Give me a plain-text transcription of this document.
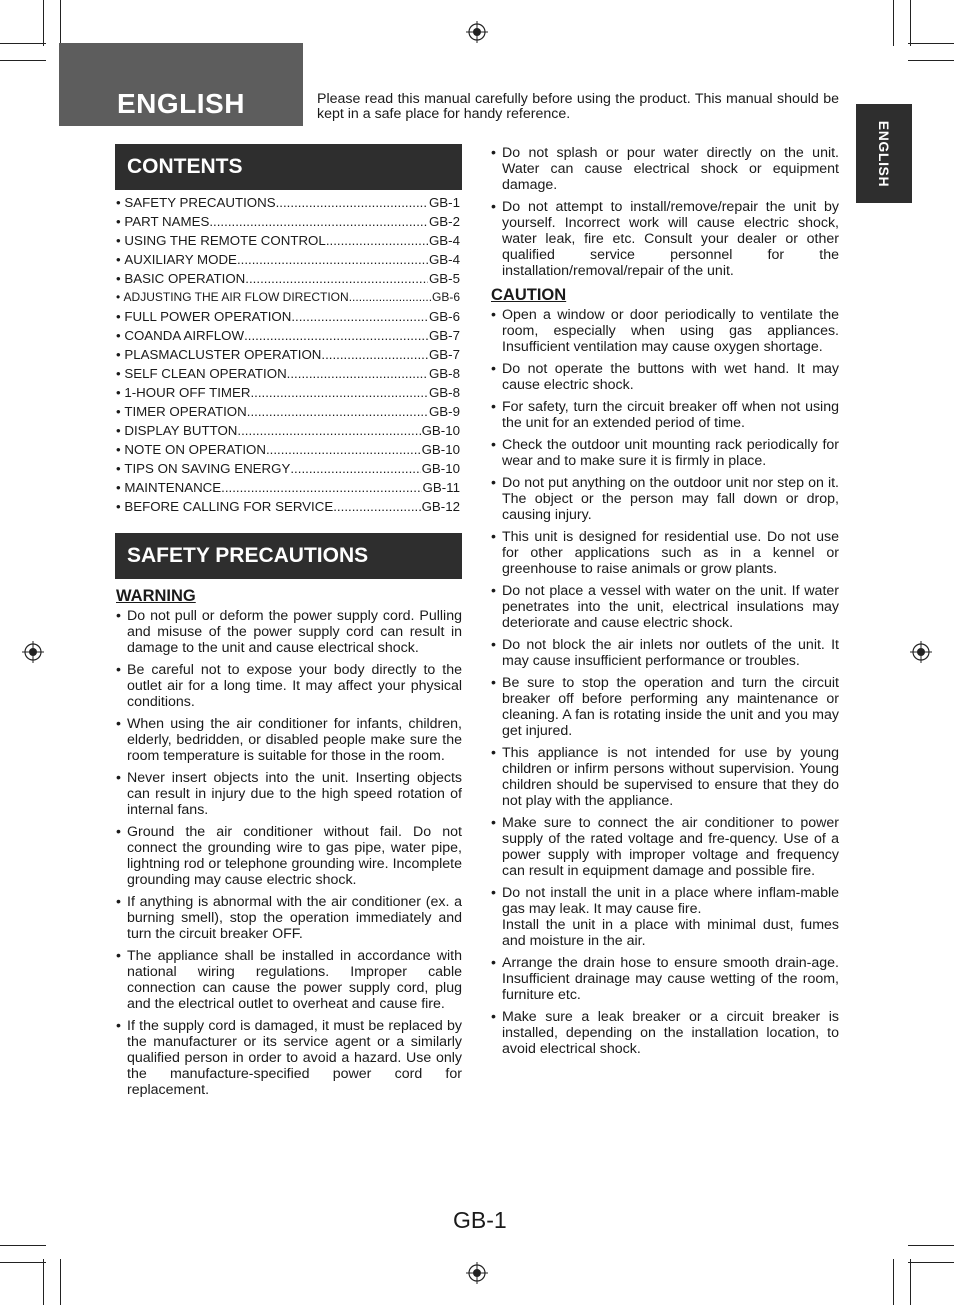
ENGLISH	Please read this manual carefully before using the product. This manual should be kept in a safe place for handy reference.
ENGLISH
CONTENTS
• SAFETY PRECAUTIONS .....	GB-1
• PART NAMES .....	GB-2
• USING THE REMOTE CONTROL .....	GB-4
• AUXILIARY MODE .....	GB-4
• BASIC OPERATION .....	GB-5
• ADJUSTING THE AIR FLOW DIRECTION .....	GB-6
• FULL POWER OPERATION .....	GB-6
• COANDA AIRFLOW .....	GB-7
• PLASMACLUSTER OPERATION .....	GB-7
• SELF CLEAN OPERATION .....	GB-8
• 1-HOUR OFF TIMER .....	GB-8
• TIMER OPERATION .....	GB-9
• DISPLAY BUTTON .....	GB-10
• NOTE ON OPERATION .....	GB-10
• TIPS ON SAVING ENERGY .....	GB-10
• MAINTENANCE .....	GB-11
• BEFORE CALLING FOR SERVICE .....	GB-12
SAFETY PRECAUTIONS
WARNING
• Do not pull or deform the power supply cord. Pulling and misuse of the power supply cord can result in damage to the unit and cause electrical shock.
• Be careful not to expose your body directly to the outlet air for a long time. It may affect your physical conditions.
• When using the air conditioner for infants, children, elderly, bedridden, or disabled people make sure the room temperature is suitable for those in the room.
• Never insert objects into the unit. Inserting objects can result in injury due to the high speed rotation of internal fans.
• Ground the air conditioner without fail. Do not connect the grounding wire to gas pipe, water pipe, lightning rod or telephone grounding wire. Incomplete grounding may cause electric shock.
• If anything is abnormal with the air conditioner (ex. a burning smell), stop the operation immediately and turn the circuit breaker OFF.
• The appliance shall be installed in accordance with national wiring regulations. Improper cable connection can cause the power supply cord, plug and the electrical outlet to overheat and cause fire.
• If the supply cord is damaged, it must be replaced by the manufacturer or its service agent or a similarly qualified person in order to avoid a hazard. Use only the manufacture-specified power cord for replacement.
• Do not splash or pour water directly on the unit. Water can cause electrical shock or equipment damage.
• Do not attempt to install/remove/repair the unit by yourself. Incorrect work will cause electric shock, water leak, fire etc. Consult your dealer or other qualified service personnel for the installation/removal/repair of the unit.
CAUTION
• Open a window or door periodically to ventilate the room, especially when using gas appliances. Insufficient ventilation may cause oxygen shortage.
• Do not operate the buttons with wet hand. It may cause electric shock.
• For safety, turn the circuit breaker off when not using the unit for an extended period of time.
• Check the outdoor unit mounting rack periodically for wear and to make sure it is firmly in place.
• Do not put anything on the outdoor unit nor step on it. The object or the person may fall down or drop, causing injury.
• This unit is designed for residential use. Do not use for other applications such as in a kennel or greenhouse to raise animals or grow plants.
• Do not place a vessel with water on the unit. If water penetrates into the unit, electrical insulations may deteriorate and cause electric shock.
• Do not block the air inlets nor outlets of the unit. It may cause insufficient performance or troubles.
• Be sure to stop the operation and turn the circuit breaker off before performing any maintenance or cleaning. A fan is rotating inside the unit and you may get injured.
• This appliance is not intended for use by young children or infirm persons without supervision. Young children should be supervised to ensure that they do not play with the appliance.
• Make sure to connect the air conditioner to power supply of the rated voltage and fre-quency. Use of a power supply with improper voltage and frequency can result in equipment damage and possible fire.
• Do not install the unit in a place where inflam-mable gas may leak. It may cause fire.
Install the unit in a place with minimal dust, fumes and moisture in the air.
• Arrange the drain hose to ensure smooth drain-age. Insufficient drainage may cause wetting of the room, furniture etc.
• Make sure a leak breaker or a circuit breaker is installed, depending on the installation location, to avoid electrical shock.
GB-1
